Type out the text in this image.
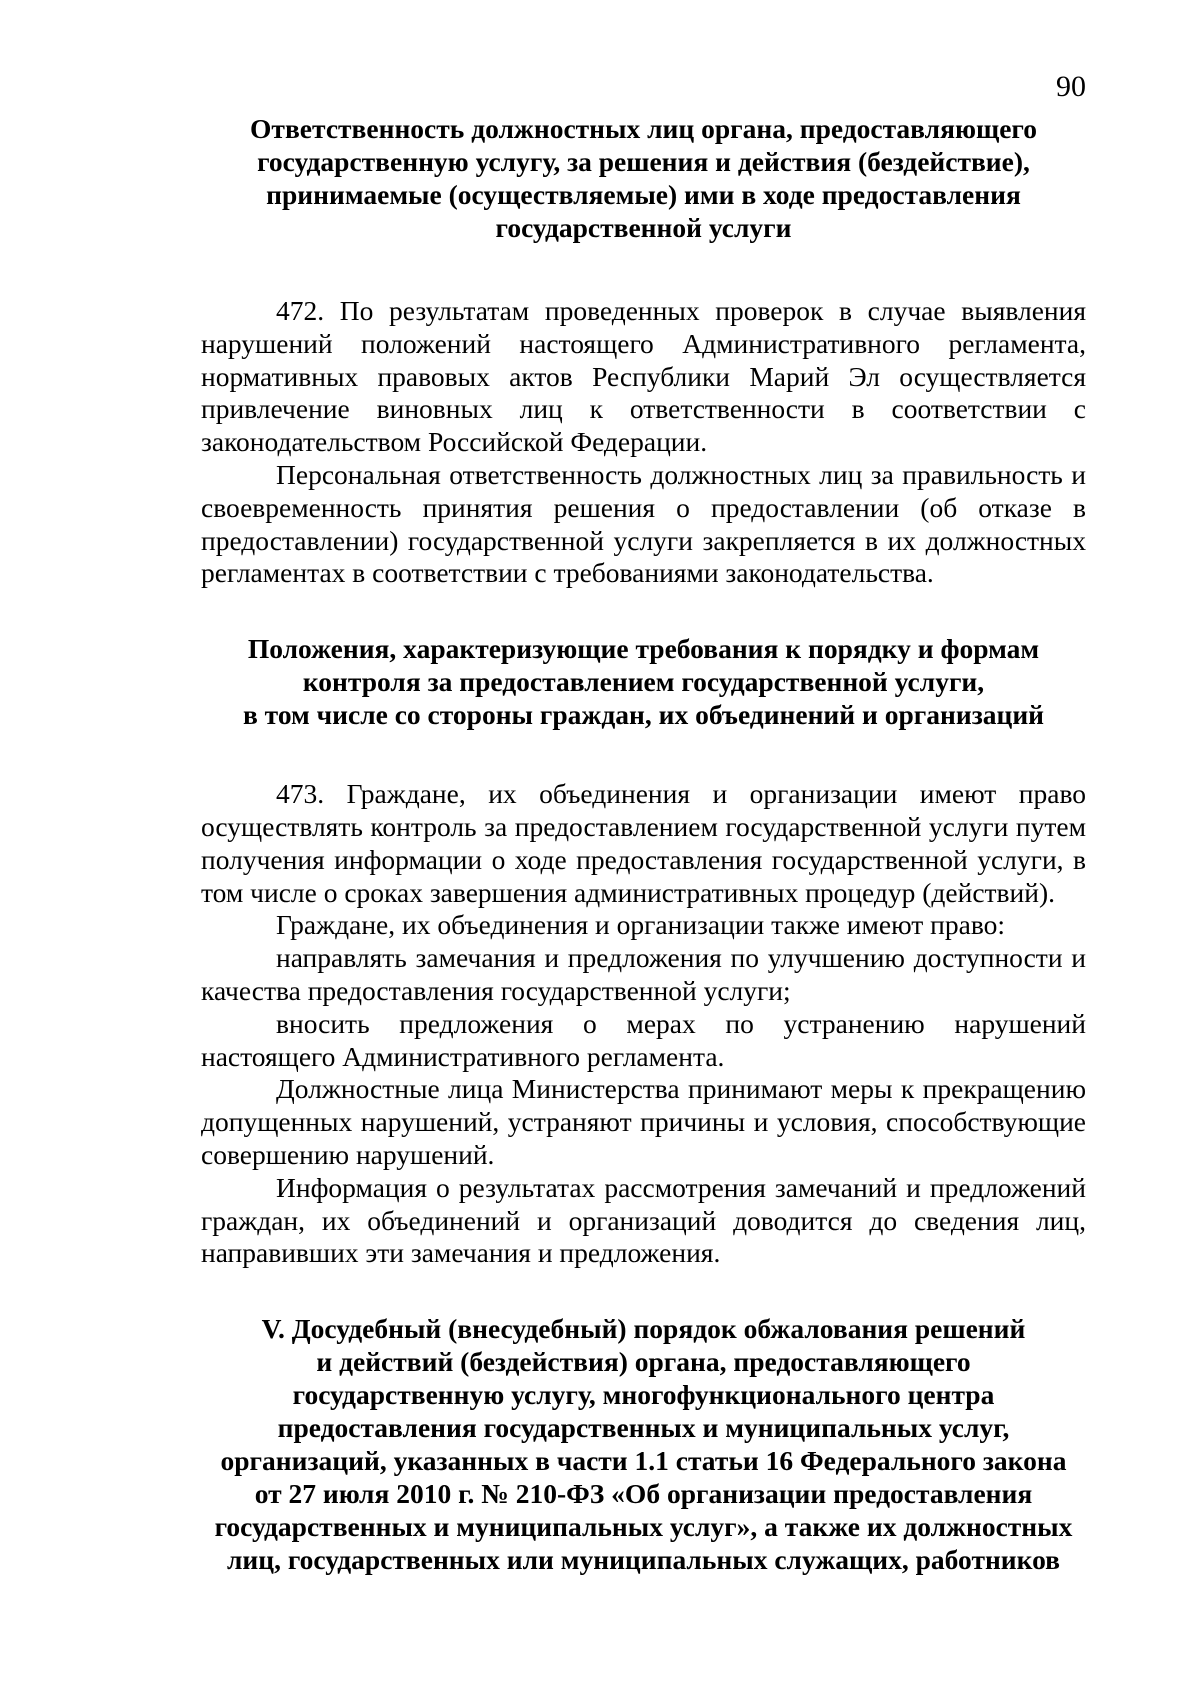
90
Ответственность должностных лиц органа, предоставляющего
государственную услугу, за решения и действия (бездействие),
принимаемые (осуществляемые) ими в ходе предоставления
государственной услуги
472. По результатам проведенных проверок в случае выявления нарушений положений настоящего Административного регламента, нормативных правовых актов Республики Марий Эл осуществляется привлечение виновных лиц к ответственности в соответствии с законодательством Российской Федерации.
Персональная ответственность должностных лиц за правильность и своевременность принятия решения о предоставлении (об отказе в предоставлении) государственной услуги закрепляется в их должностных регламентах в соответствии с требованиями законодательства.
Положения, характеризующие требования к порядку и формам
контроля за предоставлением государственной услуги,
в том числе со стороны граждан, их объединений и организаций
473. Граждане, их объединения и организации имеют право осуществлять контроль за предоставлением государственной услуги путем получения информации о ходе предоставления государственной услуги, в том числе о сроках завершения административных процедур (действий).
Граждане, их объединения и организации также имеют право:
направлять замечания и предложения по улучшению доступности и качества предоставления государственной услуги;
вносить предложения о мерах по устранению нарушений настоящего Административного регламента.
Должностные лица Министерства принимают меры к прекращению допущенных нарушений, устраняют причины и условия, способствующие совершению нарушений.
Информация о результатах рассмотрения замечаний и предложений граждан, их объединений и организаций доводится до сведения лиц, направивших эти замечания и предложения.
V. Досудебный (внесудебный) порядок обжалования решений
и действий (бездействия) органа, предоставляющего
государственную услугу, многофункционального центра
предоставления государственных и муниципальных услуг,
организаций, указанных в части 1.1 статьи 16 Федерального закона
от 27 июля 2010 г. № 210-ФЗ «Об организации предоставления
государственных и муниципальных услуг», а также их должностных
лиц, государственных или муниципальных служащих, работников
